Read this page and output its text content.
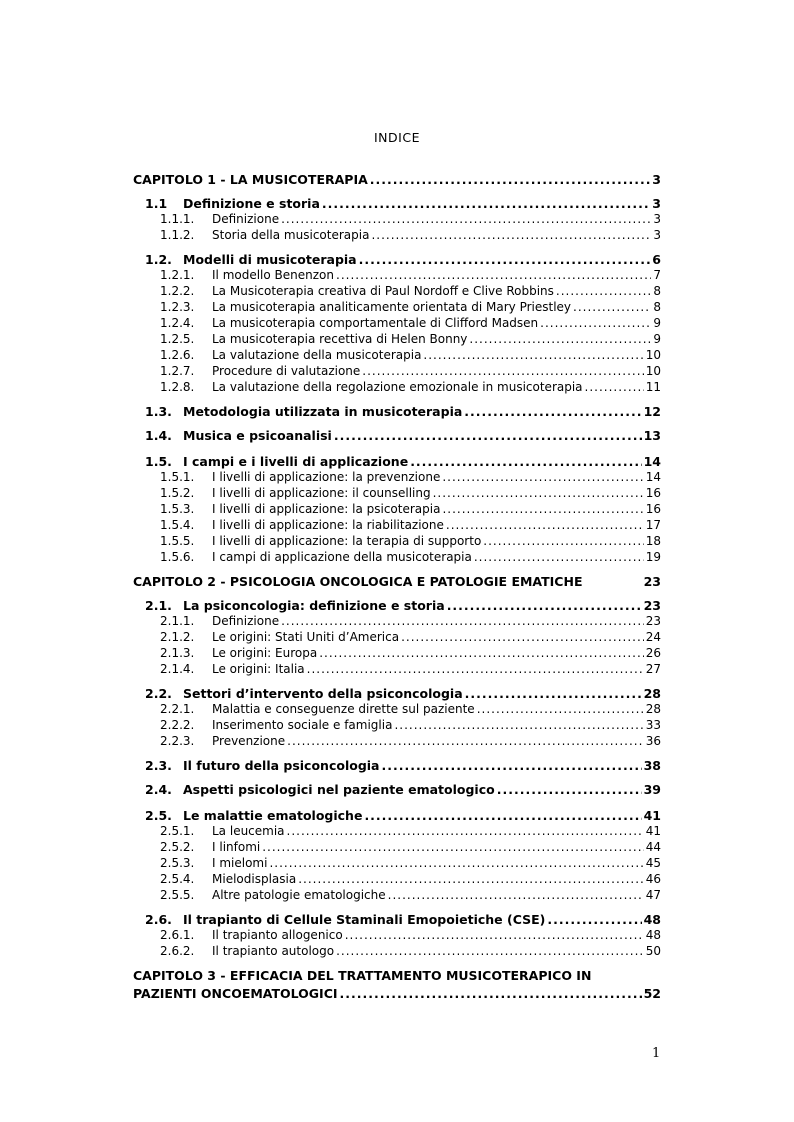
INDICE
CAPITOLO 1 - LA MUSICOTERAPIA .....	3
1.1 Definizione e storia .....	3
1.1.1. Definizione .....	3
1.1.2. Storia della musicoterapia .....	3
1.2. Modelli di musicoterapia .....	6
1.2.1. Il modello Benenzon .....	7
1.2.2. La Musicoterapia creativa di Paul Nordoff e Clive Robbins .....	8
1.2.3. La musicoterapia analiticamente orientata di Mary Priestley .....	8
1.2.4. La musicoterapia comportamentale di Clifford Madsen .....	9
1.2.5. La musicoterapia recettiva di Helen Bonny .....	9
1.2.6. La valutazione della musicoterapia .....	10
1.2.7. Procedure di valutazione .....	10
1.2.8. La valutazione della regolazione emozionale in musicoterapia .....	11
1.3. Metodologia utilizzata in musicoterapia .....	12
1.4. Musica e psicoanalisi .....	13
1.5. I campi e i livelli di applicazione .....	14
1.5.1. I livelli di applicazione: la prevenzione .....	14
1.5.2. I livelli di applicazione: il counselling .....	16
1.5.3. I livelli di applicazione: la psicoterapia .....	16
1.5.4. I livelli di applicazione: la riabilitazione .....	17
1.5.5. I livelli di applicazione: la terapia di supporto .....	18
1.5.6. I campi di applicazione della musicoterapia .....	19
CAPITOLO 2 - PSICOLOGIA ONCOLOGICA E PATOLOGIE EMATICHE	23
2.1. La psiconcologia: definizione e storia .....	23
2.1.1. Definizione .....	23
2.1.2. Le origini: Stati Uniti d’America .....	24
2.1.3. Le origini: Europa .....	26
2.1.4. Le origini: Italia .....	27
2.2. Settori d’intervento della psiconcologia .....	28
2.2.1. Malattia e conseguenze dirette sul paziente .....	28
2.2.2. Inserimento sociale e famiglia .....	33
2.2.3. Prevenzione .....	36
2.3. Il futuro della psiconcologia .....	38
2.4. Aspetti psicologici nel paziente ematologico .....	39
2.5. Le malattie ematologiche .....	41
2.5.1. La leucemia .....	41
2.5.2. I linfomi .....	44
2.5.3. I mielomi .....	45
2.5.4. Mielodisplasia .....	46
2.5.5. Altre patologie ematologiche .....	47
2.6. Il trapianto di Cellule Staminali Emopoietiche (CSE) .....	48
2.6.1. Il trapianto allogenico .....	48
2.6.2. Il trapianto autologo .....	50
CAPITOLO 3 - EFFICACIA DEL TRATTAMENTO MUSICOTERAPICO IN
PAZIENTI ONCOEMATOLOGICI .....	52
1
